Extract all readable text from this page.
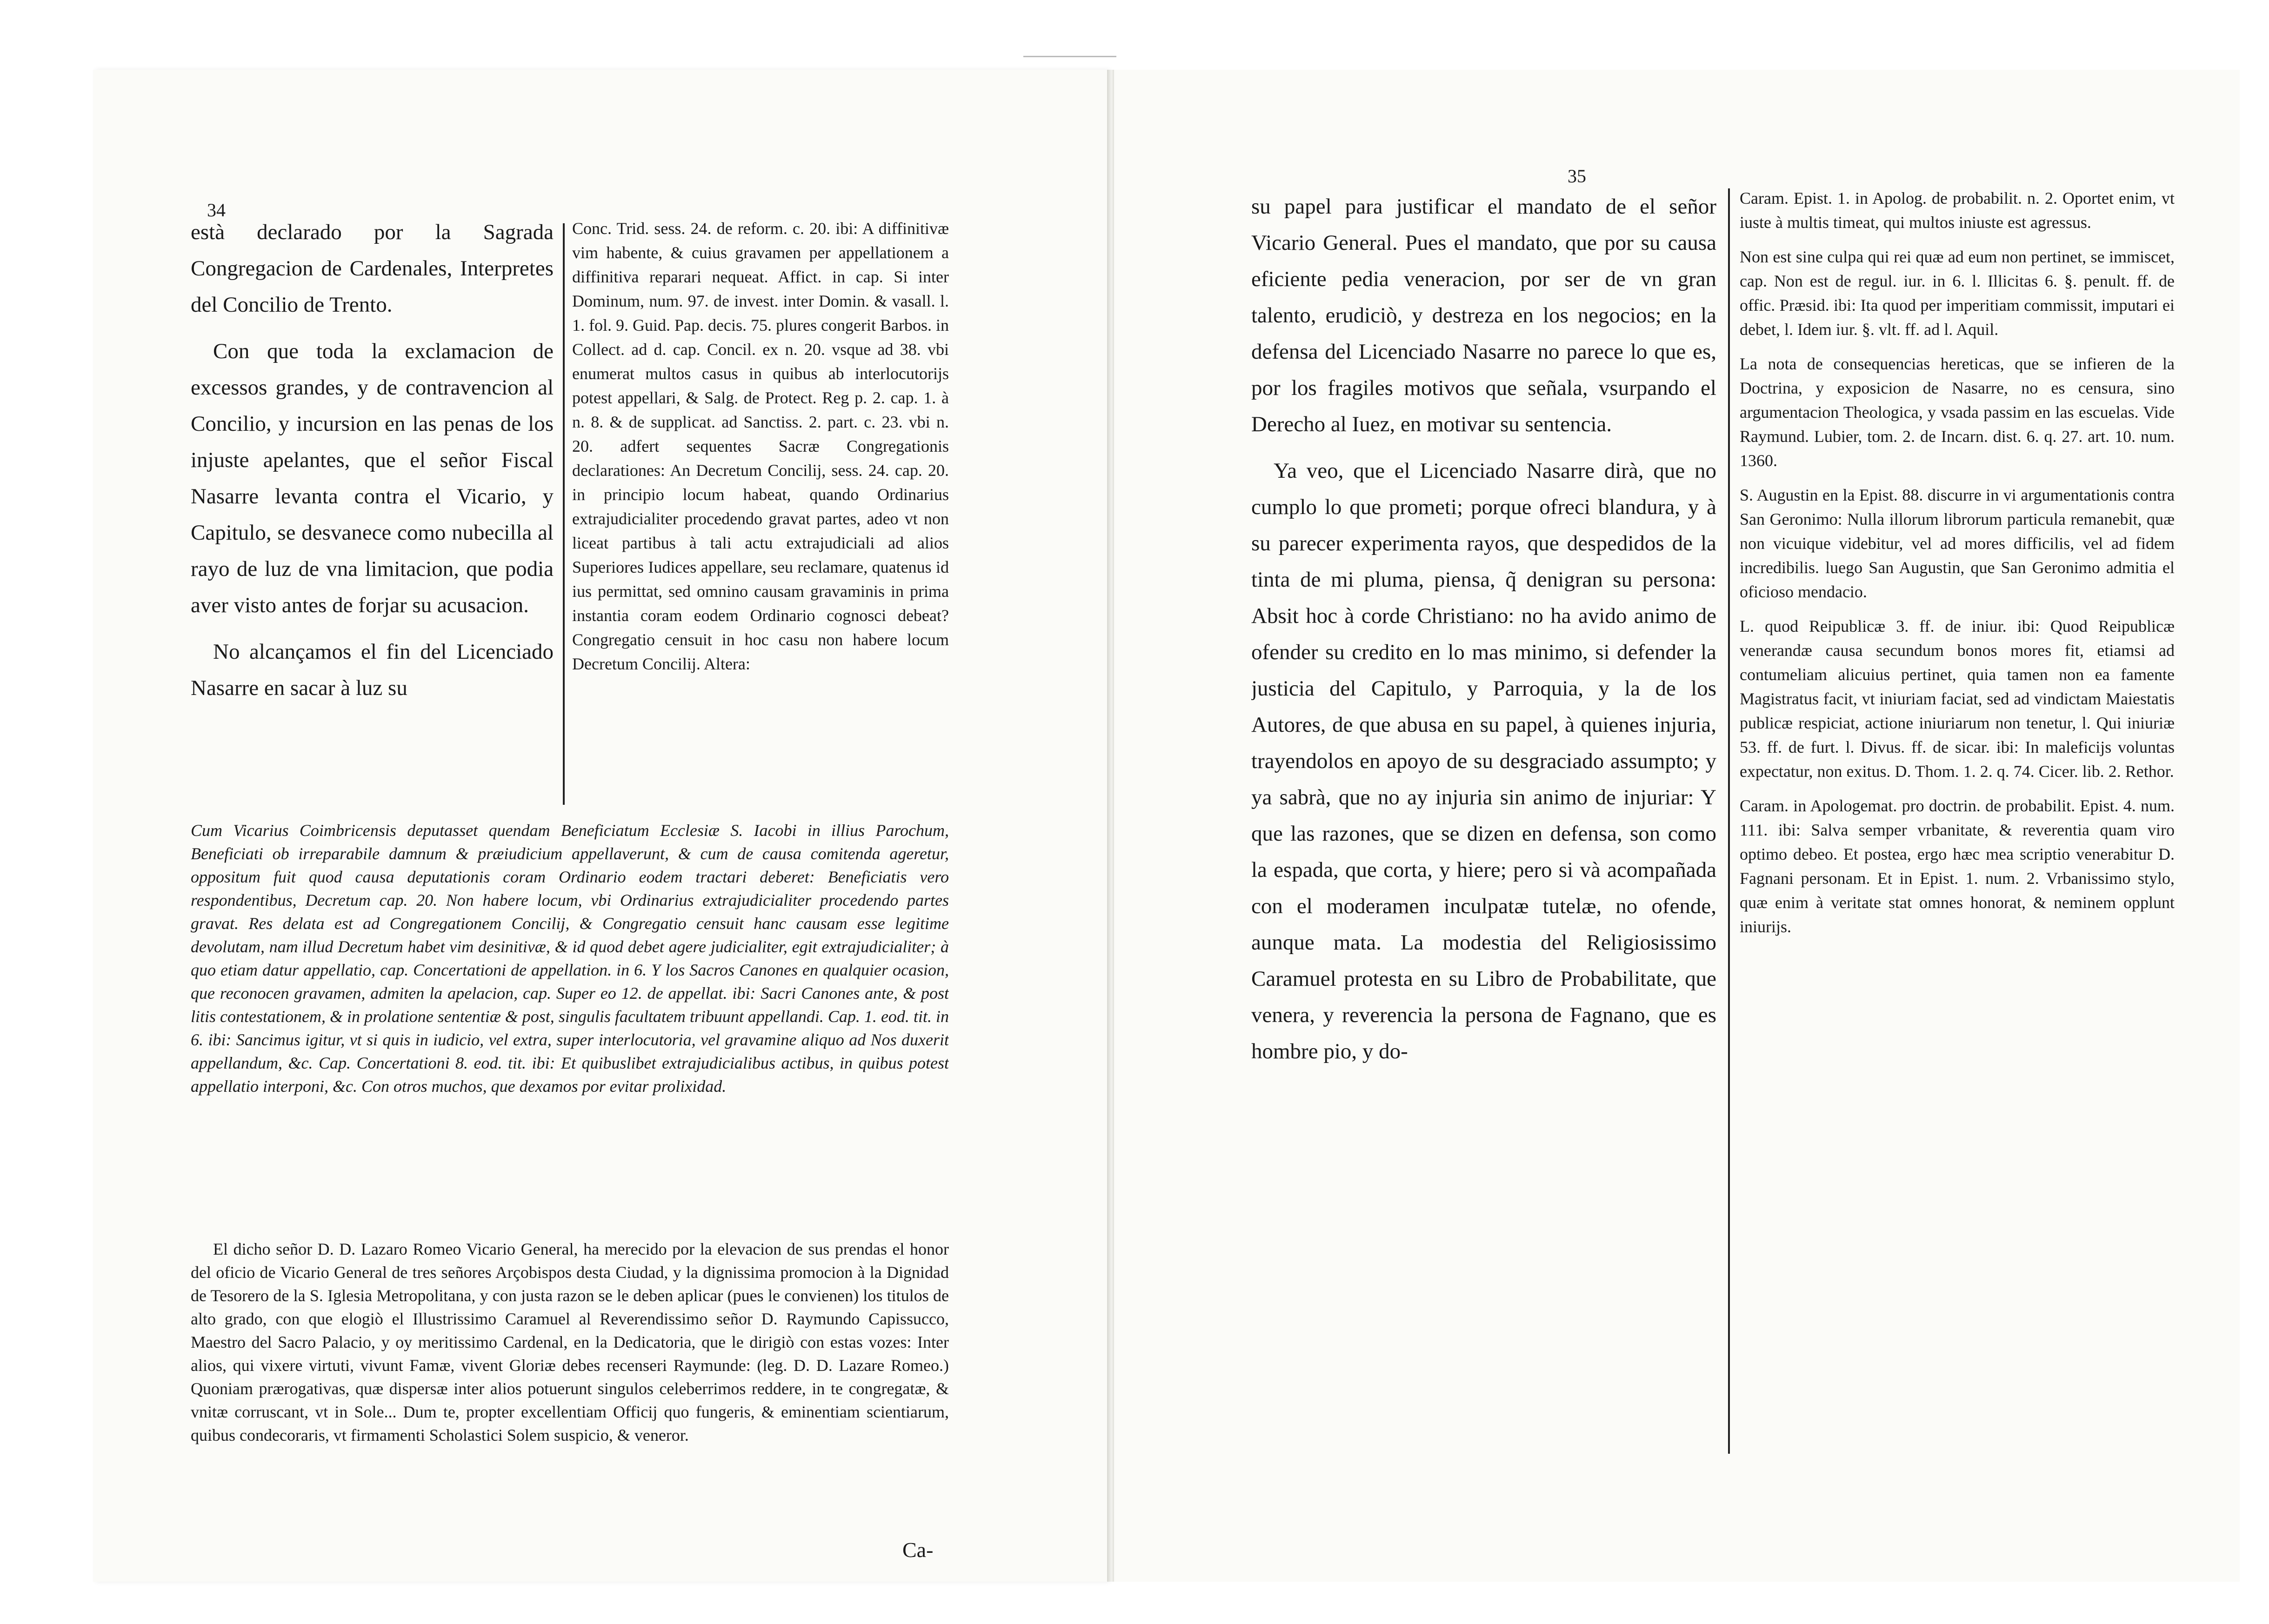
34

està declarado por la Sagrada Congregacion de Cardenales, Interpretes del Concilio de Trento.

Con que toda la exclamacion de excessos grandes, y de contravencion al Concilio, y incursion en las penas de los injuste apelantes, que el señor Fiscal Nasarre levanta contra el Vicario, y Capitulo, se desvanece como nubecilla al rayo de luz de vna limitacion, que podia aver visto antes de forjar su acusacion.

No alcançamos el fin del Licenciado Nasarre en sacar à luz su

Conc. Trid. sess. 24. de reform. c. 20. ibi: A diffinitivæ vim habente, & cuius gravamen per appellationem a diffinitiva reparari nequeat. Affict. in cap. Si inter Dominum, num. 97. de invest. inter Domin. & vasall. l. 1. fol. 9. Guid. Pap. decis. 75. plures congerit Barbos. in Collect. ad d. cap. Concil. ex n. 20. vsque ad 38. vbi enumerat multos casus in quibus ab interlocutorijs potest appellari, & Salg. de Protect. Reg p. 2. cap. 1. à n. 8. & de supplicat. ad Sanctiss. 2. part. c. 23. vbi n. 20. adfert sequentes Sacræ Congregationis declarationes: An Decretum Concilij, sess. 24. cap. 20. in principio locum habeat, quando Ordinarius extrajudicialiter procedendo gravat partes, adeo vt non liceat partibus à tali actu extrajudiciali ad alios Superiores Iudices appellare, seu reclamare, quatenus id ius permittat, sed omnino causam gravaminis in prima instantia coram eodem Ordinario cognosci debeat? Congregatio censuit in hoc casu non habere locum Decretum Concilij. Altera:

Cum Vicarius Coimbricensis deputasset quendam Beneficiatum Ecclesiæ S. Iacobi in illius Parochum, Beneficiati ob irreparabile damnum & præiudicium appellaverunt, & cum de causa comitenda ageretur, oppositum fuit quod causa deputationis coram Ordinario eodem tractari deberet: Beneficiatis vero respondentibus, Decretum cap. 20. Non habere locum, vbi Ordinarius extrajudicialiter procedendo partes gravat. Res delata est ad Congregationem Concilij, & Congregatio censuit hanc causam esse legitime devolutam, nam illud Decretum habet vim desinitivæ, & id quod debet agere judicialiter, egit extrajudicialiter; à quo etiam datur appellatio, cap. Concertationi de appellation. in 6. Y los Sacros Canones en qualquier ocasion, que reconocen gravamen, admiten la apelacion, cap. Super eo 12. de appellat. ibi: Sacri Canones ante, & post litis contestationem, & in prolatione sententiæ & post, singulis facultatem tribuunt appellandi. Cap. 1. eod. tit. in 6. ibi: Sancimus igitur, vt si quis in iudicio, vel extra, super interlocutoria, vel gravamine aliquo ad Nos duxerit appellandum, &c. Cap. Concertationi 8. eod. tit. ibi: Et quibuslibet extrajudicialibus actibus, in quibus potest appellatio interponi, &c. Con otros muchos, que dexamos por evitar prolixidad.

El dicho señor D. D. Lazaro Romeo Vicario General, ha merecido por la elevacion de sus prendas el honor del oficio de Vicario General de tres señores Arçobispos desta Ciudad, y la dignissima promocion à la Dignidad de Tesorero de la S. Iglesia Metropolitana, y con justa razon se le deben aplicar (pues le convienen) los titulos de alto grado, con que elogiò el Illustrissimo Caramuel al Reverendissimo señor D. Raymundo Capissucco, Maestro del Sacro Palacio, y oy meritissimo Cardenal, en la Dedicatoria, que le dirigiò con estas vozes: Inter alios, qui vixere virtuti, vivunt Famæ, vivent Gloriæ debes recenseri Raymunde: (leg. D. D. Lazare Romeo.) Quoniam prærogativas, quæ dispersæ inter alios potuerunt singulos celeberrimos reddere, in te congregatæ, & vnitæ corruscant, vt in Sole... Dum te, propter excellentiam Officij quo fungeris, & eminentiam scientiarum, quibus condecoraris, vt firmamenti Scholastici Solem suspicio, & veneror.

Ca-
35

su papel para justificar el mandato de el señor Vicario General. Pues el mandato, que por su causa eficiente pedia veneracion, por ser de vn gran talento, erudiciò, y destreza en los negocios; en la defensa del Licenciado Nasarre no parece lo que es, por los fragiles motivos que señala, vsurpando el Derecho al Iuez, en motivar su sentencia.

Ya veo, que el Licenciado Nasarre dirà, que no cumplo lo que prometi; porque ofreci blandura, y à su parecer experimenta rayos, que despedidos de la tinta de mi pluma, piensa, q̃ denigran su persona: Absit hoc à corde Christiano: no ha avido animo de ofender su credito en lo mas minimo, si defender la justicia del Capitulo, y Parroquia, y la de los Autores, de que abusa en su papel, à quienes injuria, trayendolos en apoyo de su desgraciado assumpto; y ya sabrà, que no ay injuria sin animo de injuriar: Y que las razones, que se dizen en defensa, son como la espada, que corta, y hiere; pero si và acompañada con el moderamen inculpatæ tutelæ, no ofende, aunque mata. La modestia del Religiosissimo Caramuel protesta en su Libro de Probabilitate, que venera, y reverencia la persona de Fagnano, que es hombre pio, y do-

Caram. Epist. 1. in Apolog. de probabilit. n. 2. Oportet enim, vt iuste à multis timeat, qui multos iniuste est agressus.

Non est sine culpa qui rei quæ ad eum non pertinet, se immiscet, cap. Non est de regul. iur. in 6. l. Illicitas 6. §. penult. ff. de offic. Præsid. ibi: Ita quod per imperitiam commissit, imputari ei debet, l. Idem iur. §. vlt. ff. ad l. Aquil.

La nota de consequencias hereticas, que se infieren de la Doctrina, y exposicion de Nasarre, no es censura, sino argumentacion Theologica, y vsada passim en las escuelas. Vide Raymund. Lubier, tom. 2. de Incarn. dist. 6. q. 27. art. 10. num. 1360.

S. Augustin en la Epist. 88. discurre in vi argumentationis contra San Geronimo: Nulla illorum librorum particula remanebit, quæ non vicuique videbitur, vel ad mores difficilis, vel ad fidem incredibilis. luego San Augustin, que San Geronimo admitia el oficioso mendacio.

L. quod Reipublicæ 3. ff. de iniur. ibi: Quod Reipublicæ venerandæ causa secundum bonos mores fit, etiamsi ad contumeliam alicuius pertinet, quia tamen non ea famente Magistratus facit, vt iniuriam faciat, sed ad vindictam Maiestatis publicæ respiciat, actione iniuriarum non tenetur, l. Qui iniuriæ 53. ff. de furt. l. Divus. ff. de sicar. ibi: In maleficijs voluntas expectatur, non exitus. D. Thom. 1. 2. q. 74. Cicer. lib. 2. Rethor.

Caram. in Apologemat. pro doctrin. de probabilit. Epist. 4. num. 111. ibi: Salva semper vrbanitate, & reverentia quam viro optimo debeo. Et postea, ergo hæc mea scriptio venerabitur D. Fagnani personam. Et in Epist. 1. num. 2. Vrbanissimo stylo, quæ enim à veritate stat omnes honorat, & neminem opplunt iniurijs.
